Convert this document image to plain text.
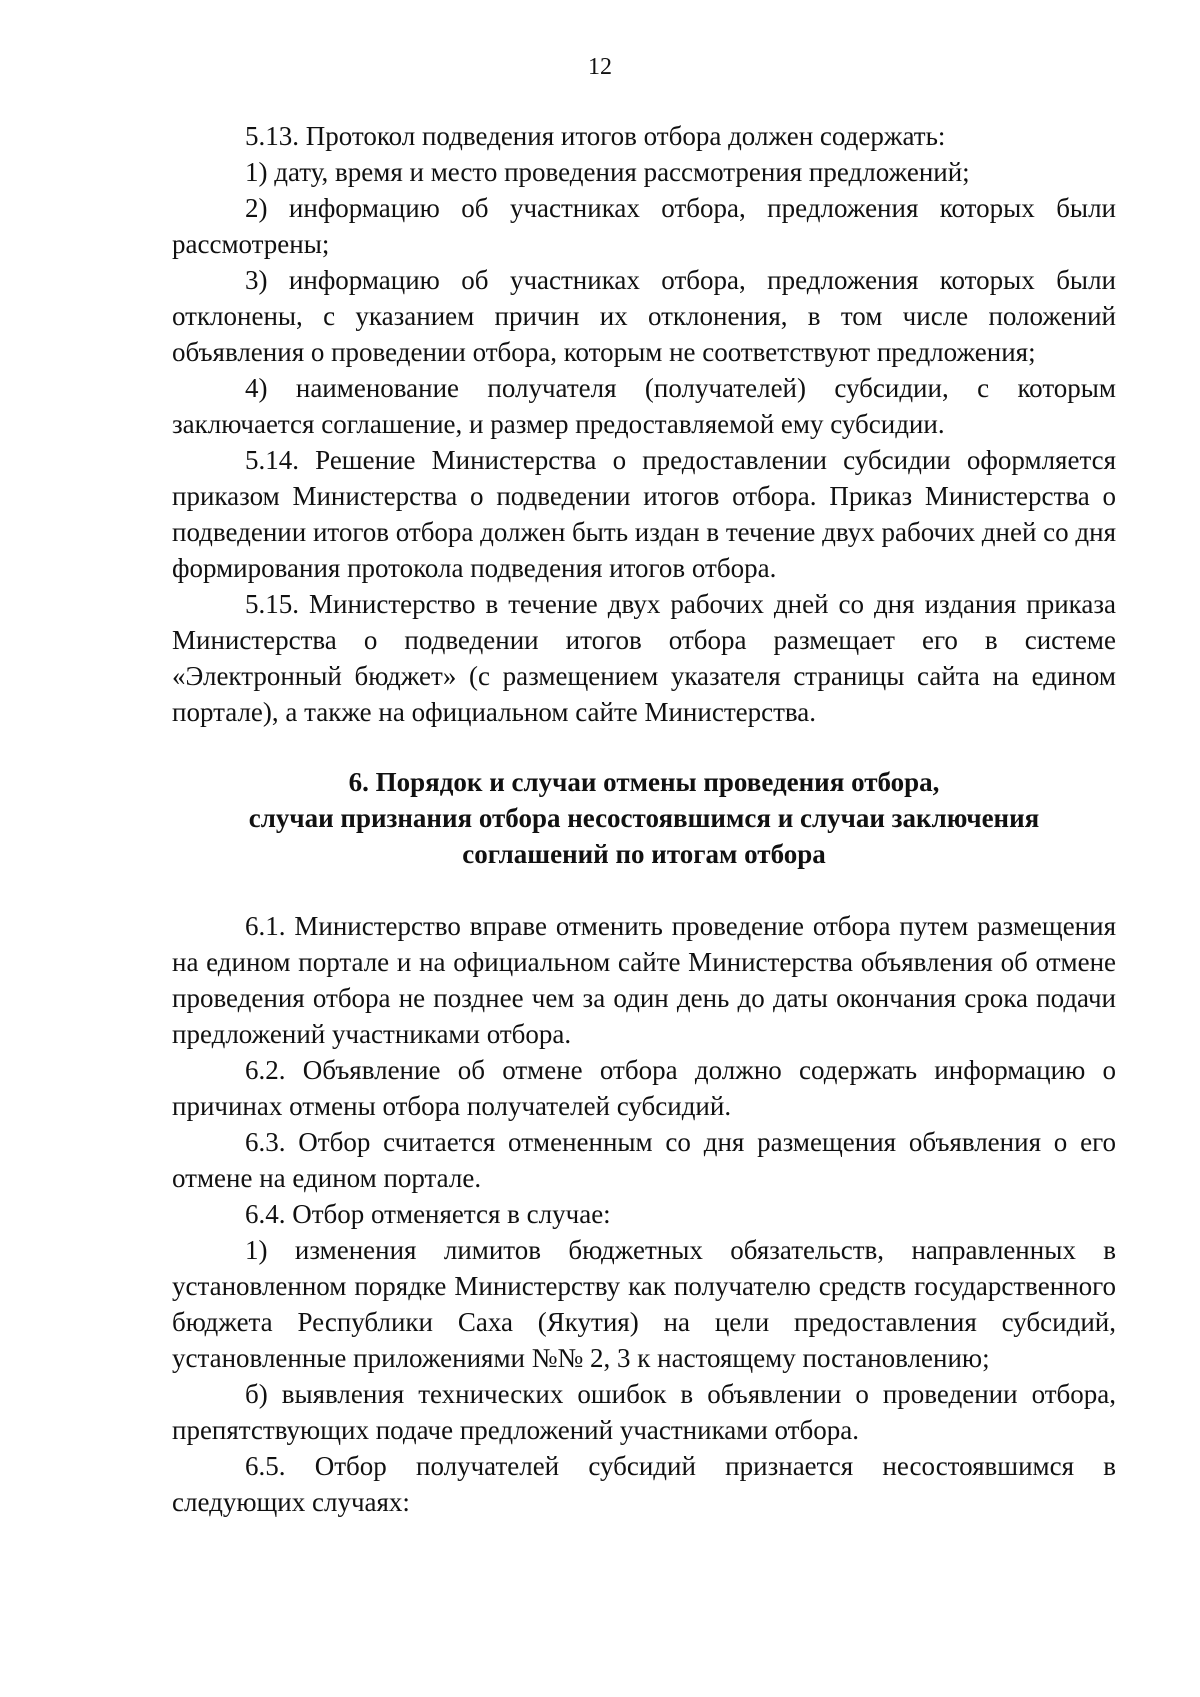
12

5.13. Протокол подведения итогов отбора должен содержать:

1) дату, время и место проведения рассмотрения предложений;

2) информацию об участниках отбора, предложения которых были рассмотрены;

3) информацию об участниках отбора, предложения которых были отклонены, с указанием причин их отклонения, в том числе положений объявления о проведении отбора, которым не соответствуют предложения;

4) наименование получателя (получателей) субсидии, с которым заключается соглашение, и размер предоставляемой ему субсидии.

5.14. Решение Министерства о предоставлении субсидии оформляется приказом Министерства о подведении итогов отбора. Приказ Министерства о подведении итогов отбора должен быть издан в течение двух рабочих дней со дня формирования протокола подведения итогов отбора.

5.15. Министерство в течение двух рабочих дней со дня издания приказа Министерства о подведении итогов отбора размещает его в системе «Электронный бюджет» (с размещением указателя страницы сайта на едином портале), а также на официальном сайте Министерства.

6. Порядок и случаи отмены проведения отбора,
случаи признания отбора несостоявшимся и случаи заключения
соглашений по итогам отбора

6.1. Министерство вправе отменить проведение отбора путем размещения на едином портале и на официальном сайте Министерства объявления об отмене проведения отбора не позднее чем за один день до даты окончания срока подачи предложений участниками отбора.

6.2. Объявление об отмене отбора должно содержать информацию о причинах отмены отбора получателей субсидий.

6.3. Отбор считается отмененным со дня размещения объявления о его отмене на едином портале.

6.4. Отбор отменяется в случае:

1) изменения лимитов бюджетных обязательств, направленных в установленном порядке Министерству как получателю средств государственного бюджета Республики Саха (Якутия) на цели предоставления субсидий, установленные приложениями №№ 2, 3 к настоящему постановлению;

б) выявления технических ошибок в объявлении о проведении отбора, препятствующих подаче предложений участниками отбора.

6.5. Отбор получателей субсидий признается несостоявшимся в следующих случаях:
